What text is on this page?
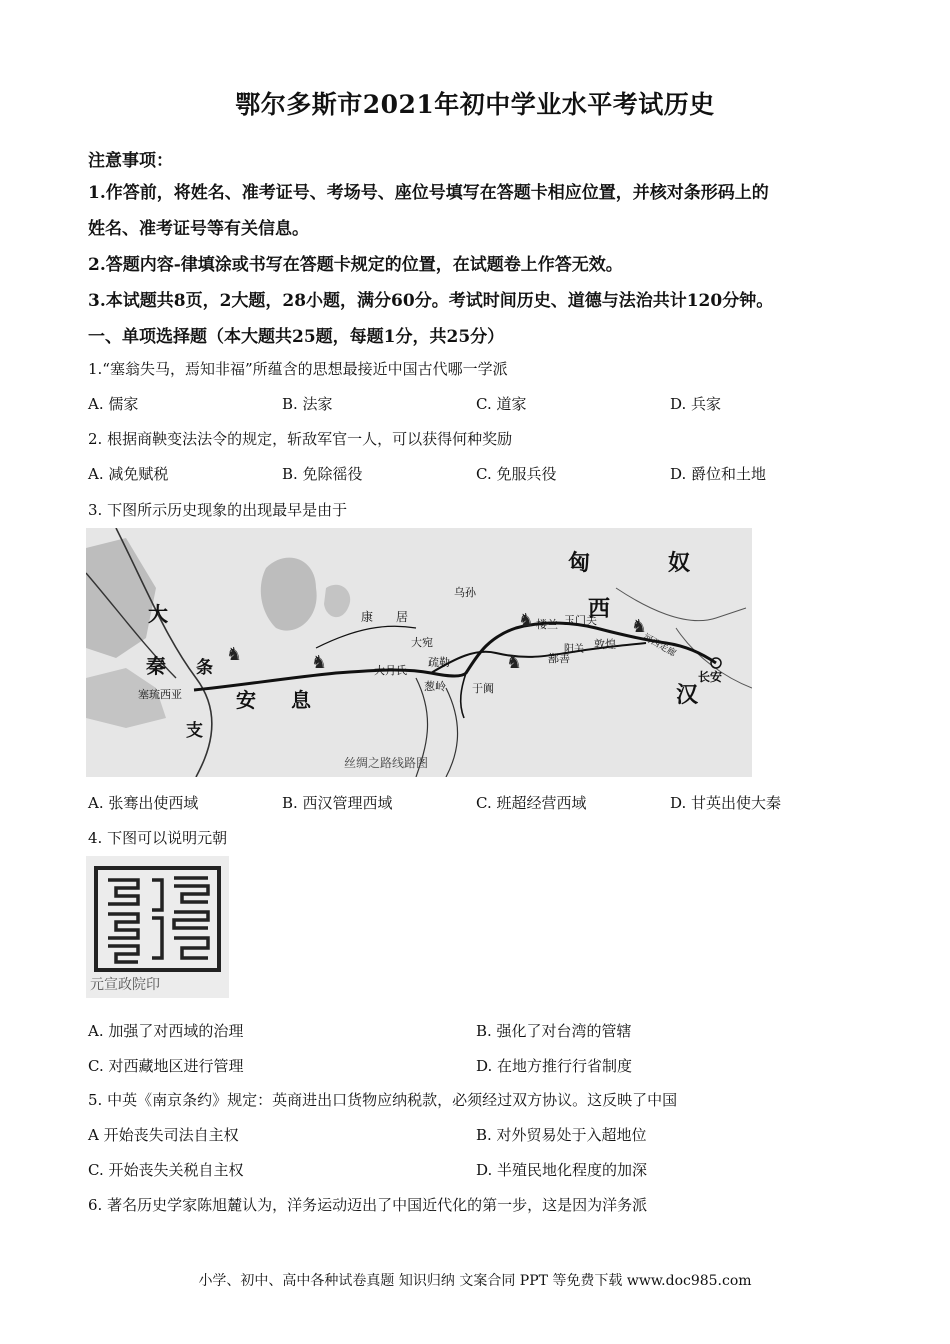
鄂尔多斯市2021年初中学业水平考试历史
注意事项：
1.作答前，将姓名、准考证号、考场号、座位号填写在答题卡相应位置，并核对条形码上的
姓名、准考证号等有关信息。
2.答题内容-律填涂或书写在答题卡规定的位置，在试题卷上作答无效。
3.本试题共8页，2大题，28小题，满分60分。考试时间历史、道德与法治共计120分钟。
一、单项选择题（本大题共25题，每题1分，共25分）
1.“塞翁失马，焉知非福”所蕴含的思想最接近中国古代哪一学派
A. 儒家	B. 法家	C. 道家	D. 兵家
2. 根据商鞅变法法令的规定，斩敌军官一人，可以获得何种奖励
A. 减免赋税	B. 免除徭役	C. 免服兵役	D. 爵位和土地
3. 下图所示历史现象的出现最早是由于
♞
♞	♞
♞	♞
匈	奴
西
汉
长安
大
秦 条
支
安 息
康 居
大宛
疏勒
大月氏
葱岭
楼兰 玉门关
敦煌
阳关
鄯善
于阗
河西走廊
塞琉西亚
乌孙
丝绸之路线路图
A. 张骞出使西域	B. 西汉管理西域	C. 班超经营西域	D. 甘英出使大秦
4. 下图可以说明元朝
元宣政院印
A. 加强了对西域的治理	B. 强化了对台湾的管辖
C. 对西藏地区进行管理	D. 在地方推行行省制度
5. 中英《南京条约》规定：英商进出口货物应纳税款，必须经过双方协议。这反映了中国
A 开始丧失司法自主权	B. 对外贸易处于入超地位
C. 开始丧失关税自主权	D. 半殖民地化程度的加深
6. 著名历史学家陈旭麓认为，洋务运动迈出了中国近代化的第一步，这是因为洋务派
小学、初中、高中各种试卷真题 知识归纳 文案合同 PPT 等免费下载 www.doc985.com
